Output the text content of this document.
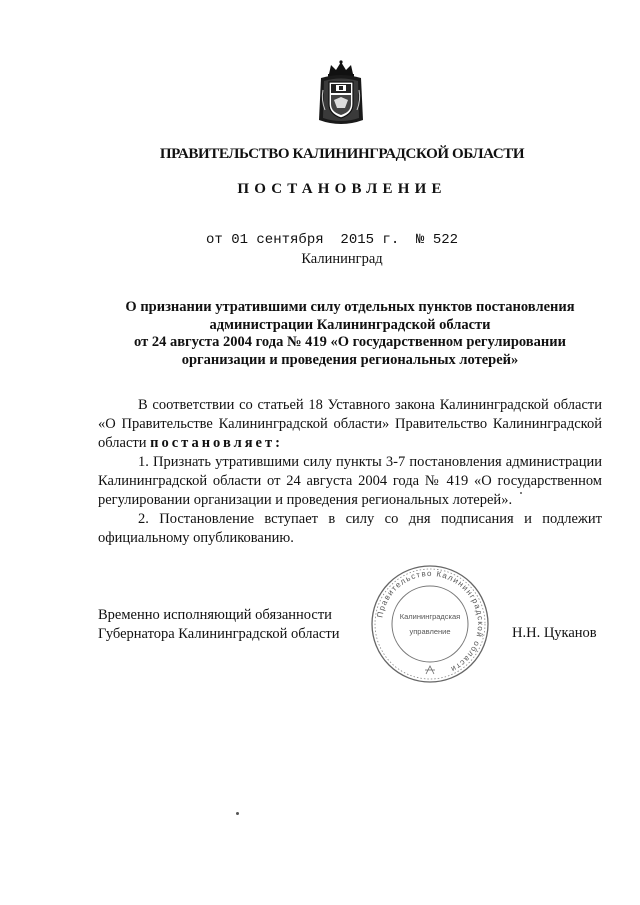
ПРАВИТЕЛЬСТВО КАЛИНИНГРАДСКОЙ ОБЛАСТИ
ПОСТАНОВЛЕНИЕ
от 01 сентября  2015 г.  № 522
Калининград
О признании утратившими силу отдельных пунктов постановления
администрации Калининградской области
от 24 августа 2004 года № 419 «О государственном регулировании
организации и проведения региональных лотерей»

В соответствии со статьей 18 Уставного закона Калининградской области «О Правительстве Калининградской области» Правительство Калининградской области постановляет:

1. Признать утратившими силу пункты 3-7 постановления администрации Калининградской области от 24 августа 2004 года № 419 «О государственном регулировании организации и проведения региональных лотерей».

2. Постановление вступает в силу со дня подписания и подлежит официальному опубликованию.

Временно исполняющий обязанности
Губернатора Калининградской области	Н.Н. Цуканов
Правительство Калининградской области
Калининградская
управление
